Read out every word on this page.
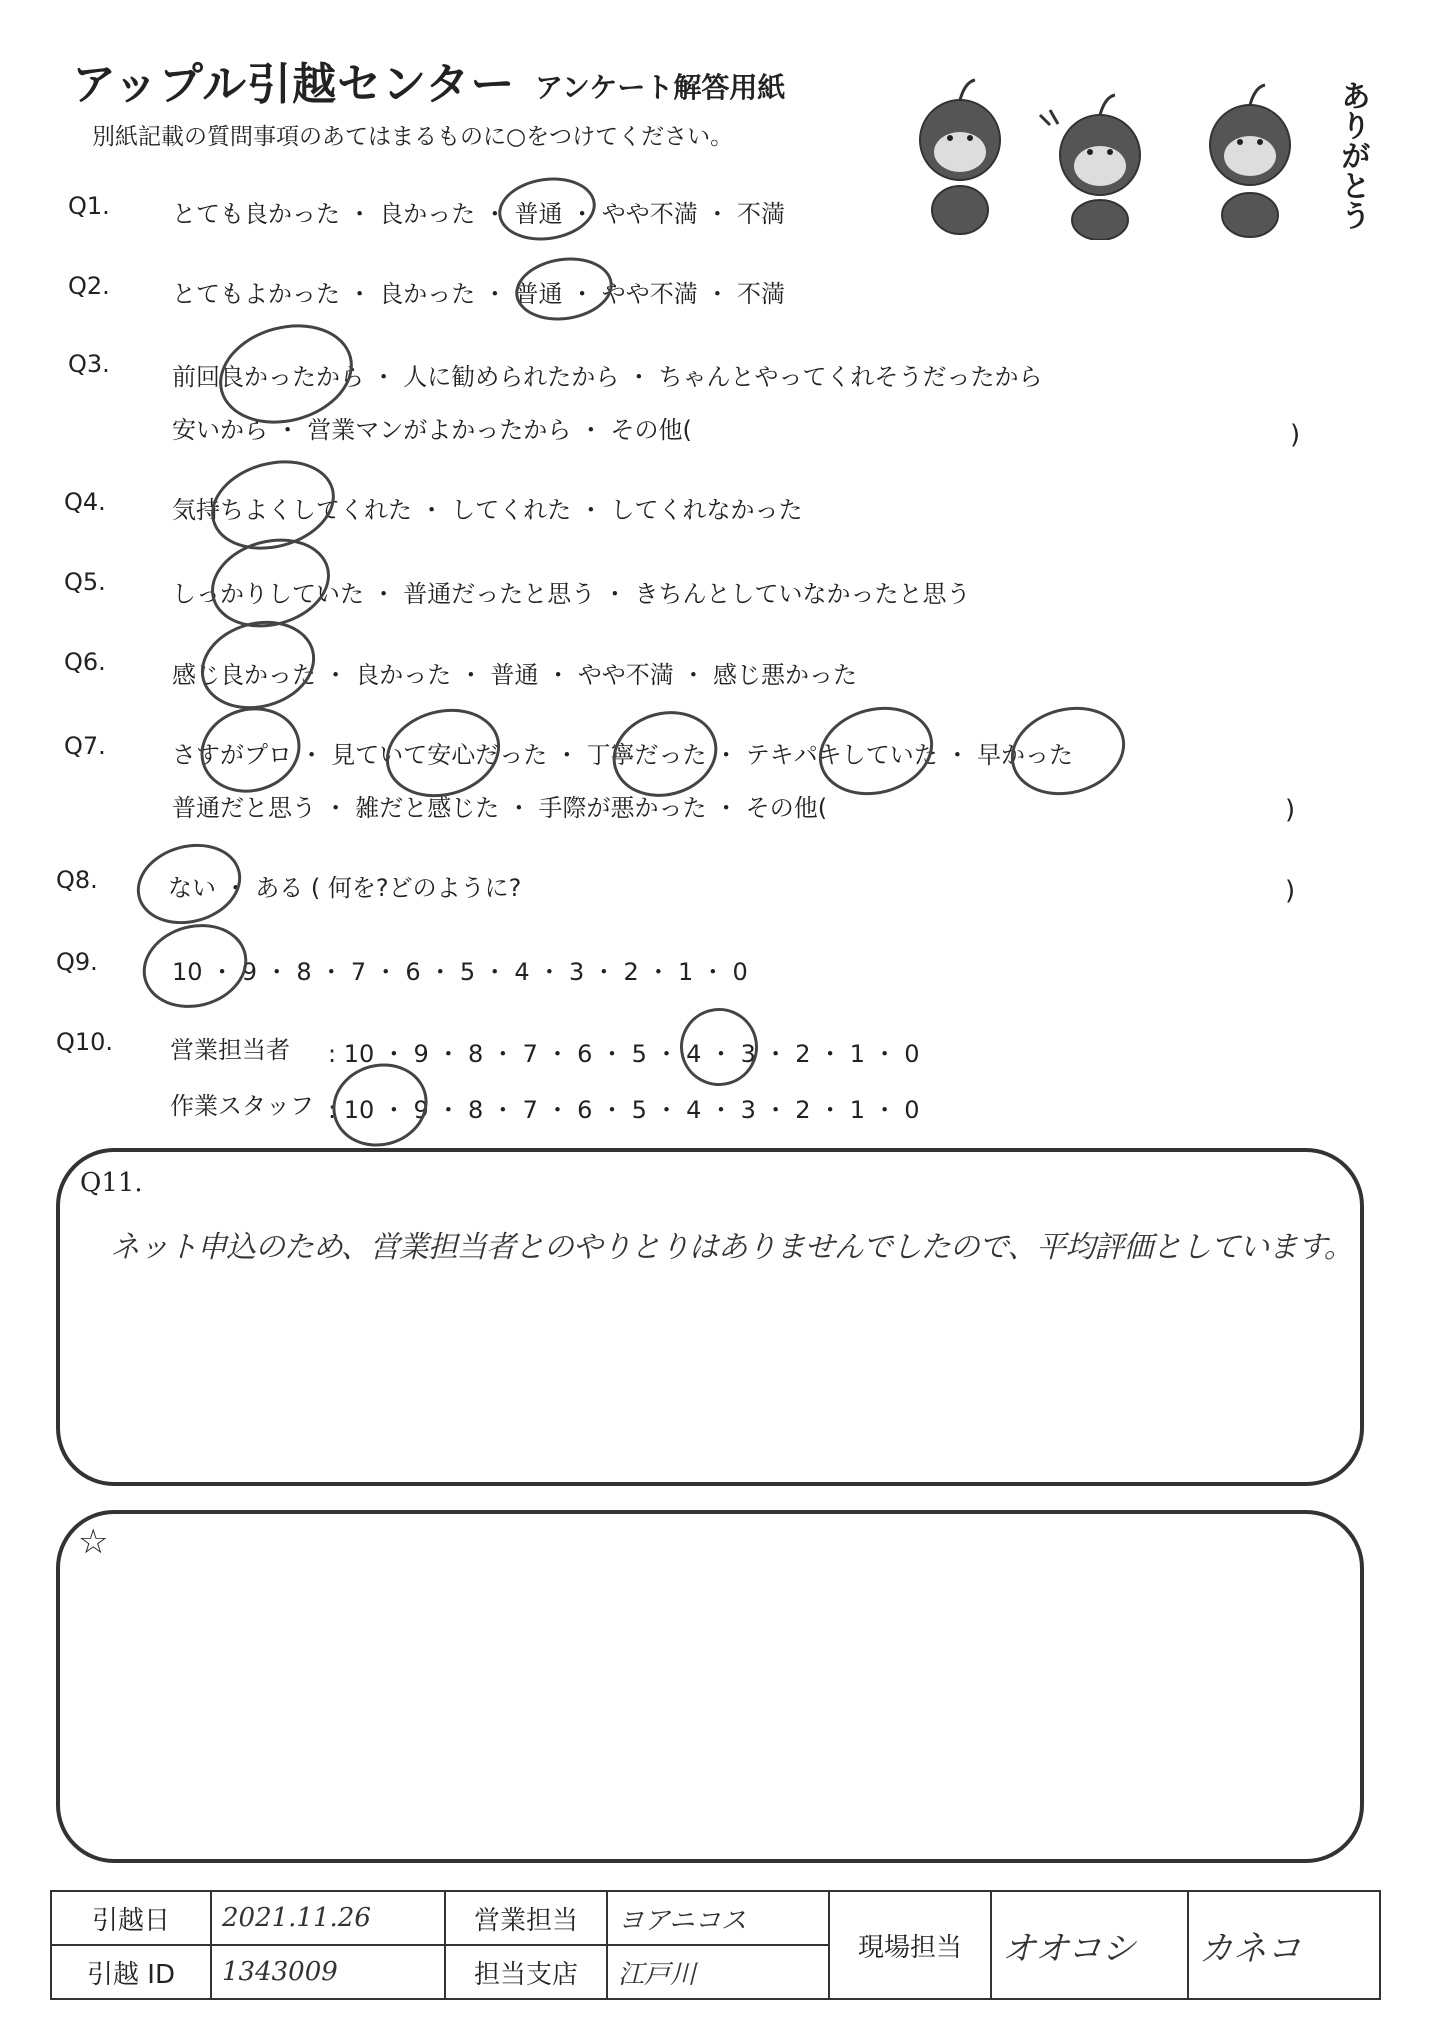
アップル引越センター アンケート解答用紙
別紙記載の質問事項のあてはまるものに○をつけてください。	ありがとう
Q1.	とても良かった ・ 良かった ・ 普通 ・ やや不満 ・ 不満
Q2.	とてもよかった ・ 良かった ・ 普通 ・ やや不満 ・ 不満
Q3.	前回良かったから ・ 人に勧められたから ・ ちゃんとやってくれそうだったから
安いから ・ 営業マンがよかったから ・ その他(	)
Q4.	気持ちよくしてくれた ・ してくれた ・ してくれなかった
Q5.	しっかりしていた ・ 普通だったと思う ・ きちんとしていなかったと思う
Q6.	感じ良かった ・ 良かった ・ 普通 ・ やや不満 ・ 感じ悪かった
Q7.	さすがプロ ・ 見ていて安心だった ・ 丁寧だった ・ テキパキしていた ・ 早かった
普通だと思う ・ 雑だと感じた ・ 手際が悪かった ・ その他(	)
Q8.	ない ・ ある ( 何を?どのように?	)
Q9.	10 ・ 9 ・ 8 ・ 7 ・ 6 ・ 5 ・ 4 ・ 3 ・ 2 ・ 1 ・ 0
Q10. 営業担当者 : 10 ・ 9 ・ 8 ・ 7 ・ 6 ・ 5 ・ 4 ・ 3 ・ 2 ・ 1 ・ 0
作業スタッフ : 10 ・ 9 ・ 8 ・ 7 ・ 6 ・ 5 ・ 4 ・ 3 ・ 2 ・ 1 ・ 0
Q11.
ネット申込のため、営業担当者とのやりとりはありませんでしたので、平均評価としています。
☆
引越日	2021.11.26	営業担当	ヨアニコス	現場担当	オオコシ	カネコ
引越 ID	1343009	担当支店	江戸川			
